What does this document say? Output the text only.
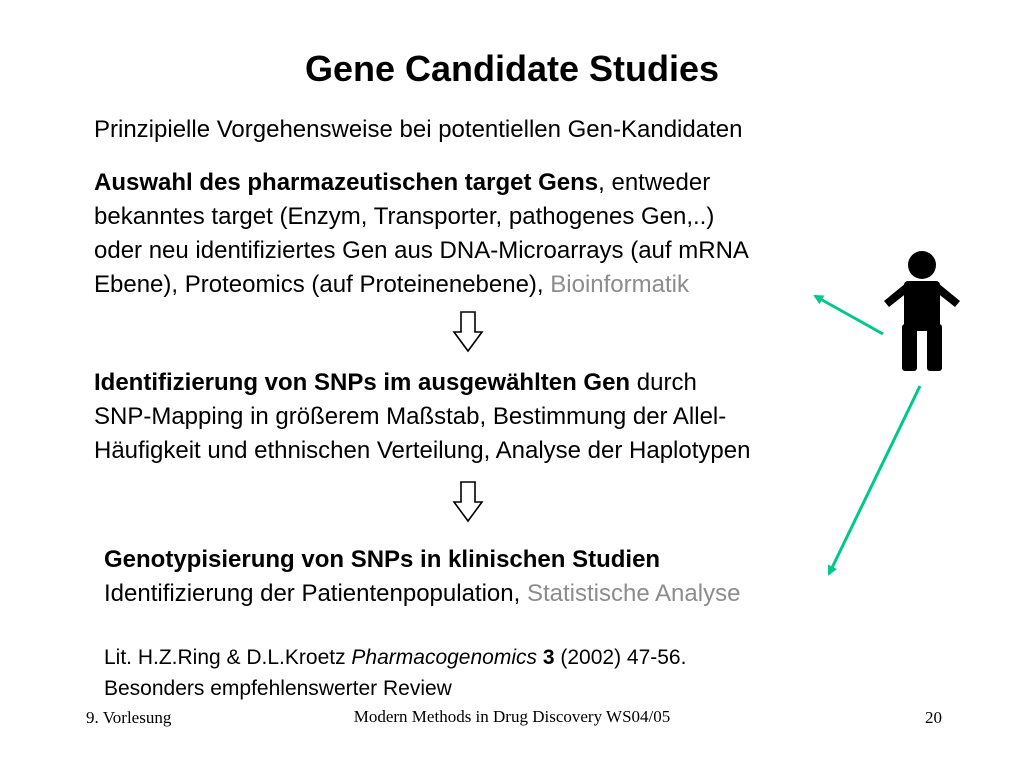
Gene Candidate Studies
Prinzipielle Vorgehensweise bei potentiellen Gen-Kandidaten
Auswahl des pharmazeutischen target Gens, entweder
bekanntes target (Enzym, Transporter, pathogenes Gen,..)
oder neu identifiziertes Gen aus DNA-Microarrays (auf mRNA
Ebene), Proteomics (auf Proteinenebene), Bioinformatik
Identifizierung von SNPs im ausgewählten Gen durch
SNP-Mapping in größerem Maßstab, Bestimmung der Allel-
Häufigkeit und ethnischen Verteilung, Analyse der Haplotypen
Genotypisierung von SNPs in klinischen Studien
Identifizierung der Patientenpopulation, Statistische Analyse
Lit. H.Z.Ring & D.L.Kroetz Pharmacogenomics 3 (2002) 47-56.
Besonders empfehlenswerter Review
9. Vorlesung	Modern Methods in Drug Discovery WS04/05	20
